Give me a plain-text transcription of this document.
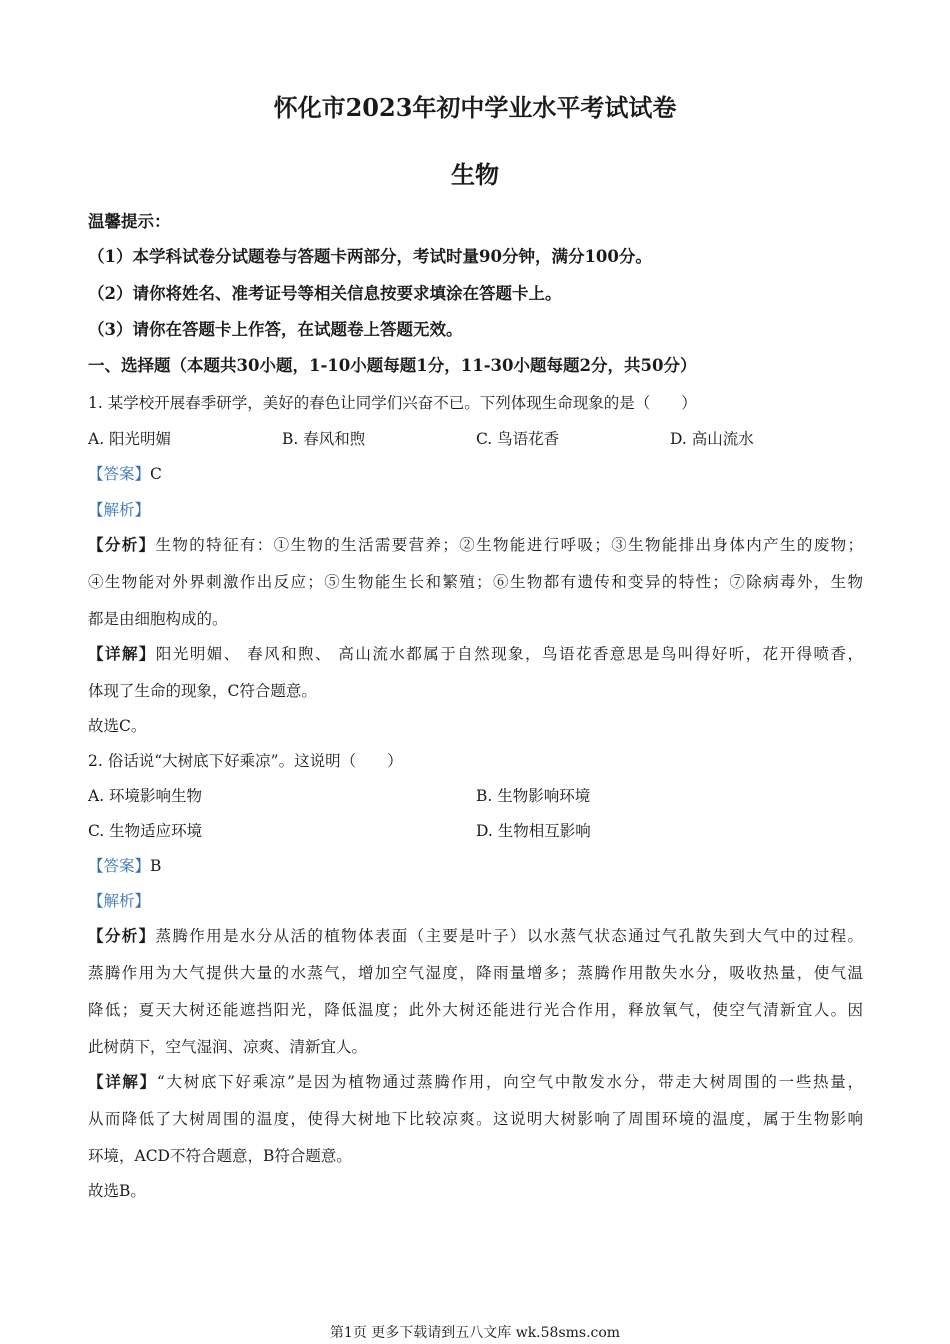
怀化市2023年初中学业水平考试试卷
生物
温馨提示：
（1）本学科试卷分试题卷与答题卡两部分，考试时量90分钟，满分100分。
（2）请你将姓名、准考证号等相关信息按要求填涂在答题卡上。
（3）请你在答题卡上作答，在试题卷上答题无效。
一、选择题（本题共30小题，1-10小题每题1分，11-30小题每题2分，共50分）
1. 某学校开展春季研学，美好的春色让同学们兴奋不已。下列体现生命现象的是（　　）
A. 阳光明媚	B. 春风和煦	C. 鸟语花香	D. 高山流水
【答案】C
【解析】
【分析】生物的特征有：①生物的生活需要营养；②生物能进行呼吸；③生物能排出身体内产生的废物；
④生物能对外界刺激作出反应；⑤生物能生长和繁殖；⑥生物都有遗传和变异的特性；⑦除病毒外，生物
都是由细胞构成的。
【详解】阳光明媚、 春风和煦、 高山流水都属于自然现象，鸟语花香意思是鸟叫得好听，花开得喷香，
体现了生命的现象，C符合题意。
故选C。
2. 俗话说“大树底下好乘凉”。这说明（　　）
A. 环境影响生物	B. 生物影响环境
C. 生物适应环境	D. 生物相互影响
【答案】B
【解析】
【分析】蒸腾作用是水分从活的植物体表面（主要是叶子）以水蒸气状态通过气孔散失到大气中的过程。
蒸腾作用为大气提供大量的水蒸气，增加空气湿度，降雨量增多；蒸腾作用散失水分，吸收热量，使气温
降低；夏天大树还能遮挡阳光，降低温度；此外大树还能进行光合作用，释放氧气，使空气清新宜人。因
此树荫下，空气湿润、凉爽、清新宜人。
【详解】“大树底下好乘凉”是因为植物通过蒸腾作用，向空气中散发水分，带走大树周围的一些热量，
从而降低了大树周围的温度，使得大树地下比较凉爽。这说明大树影响了周围环境的温度，属于生物影响
环境，ACD不符合题意，B符合题意。
故选B。
第1页 更多下载请到五八文库 wk.58sms.com
